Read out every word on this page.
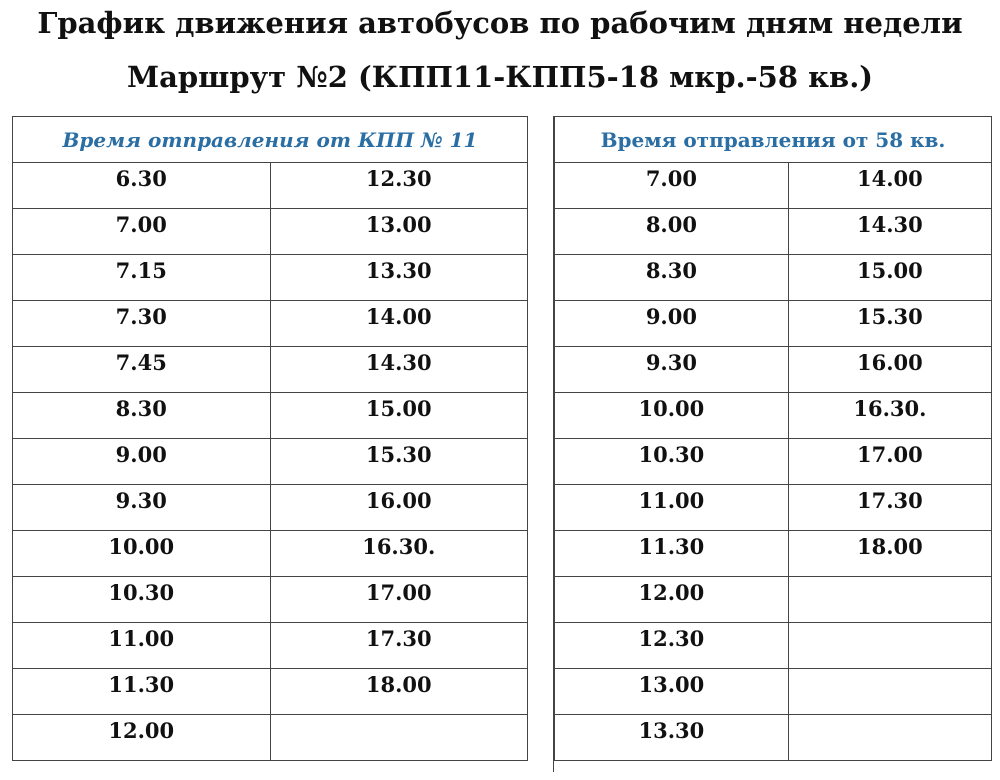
График движения автобусов по рабочим дням недели
Маршрут №2 (КПП11-КПП5-18 мкр.-58 кв.)
Время отправления от КПП № 11	
6.30	12.30
7.00	13.00
7.15	13.30
7.30	14.00
7.45	14.30
8.30	15.00
9.00	15.30
9.30	16.00
10.00	16.30.
10.30	17.00
11.00	17.30
11.30	18.00
12.00	
Время отправления от 58 кв.	
7.00	14.00
8.00	14.30
8.30	15.00
9.00	15.30
9.30	16.00
10.00	16.30.
10.30	17.00
11.00	17.30
11.30	18.00
12.00	
12.30	
13.00	
13.30	
